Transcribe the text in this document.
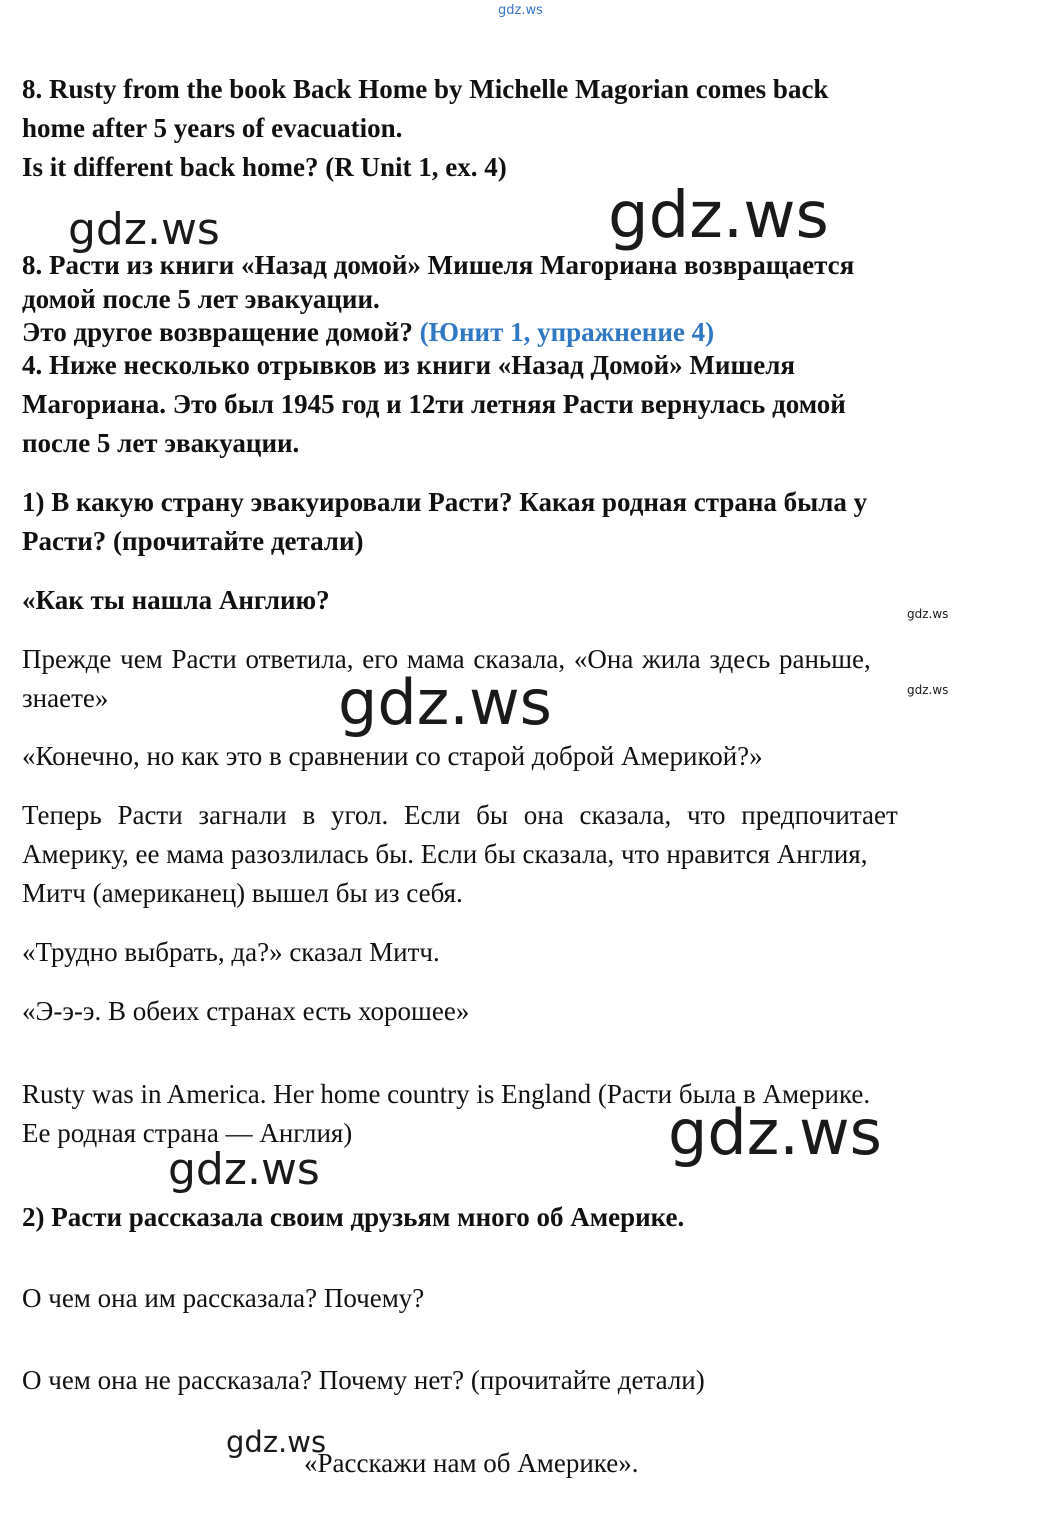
gdz.ws
gdz.ws	gdz.ws
gdz.ws
gdz.ws
gdz.ws
gdz.ws
gdz.ws
gdz.ws
8. Rusty from the book Back Home by Michelle Magorian comes back
home after 5 years of evacuation.
Is it different back home? (R Unit 1, ex. 4)
8. Расти из книги «Назад домой» Мишеля Магориана возвращается
домой после 5 лет эвакуации.
Это другое возвращение домой? (Юнит 1, упражнение 4)
4. Ниже несколько отрывков из книги «Назад Домой» Мишеля
Магориана. Это был 1945 год и 12ти летняя Расти вернулась домой
после 5 лет эвакуации.
1) В какую страну эвакуировали Расти? Какая родная страна была у
Расти? (прочитайте детали)
«Как ты нашла Англию?
Прежде чем Расти ответила, его мама сказала, «Она жила здесь раньше,
знаете»
«Конечно, но как это в сравнении со старой доброй Америкой?»
Теперь Расти загнали в угол. Если бы она сказала, что предпочитает
Америку, ее мама разозлилась бы. Если бы сказала, что нравится Англия,
Митч (американец) вышел бы из себя.
«Трудно выбрать, да?» сказал Митч.
«Э-э-э. В обеих странах есть хорошее»
Rusty was in America. Her home country is England (Расти была в Америке.
Ее родная страна — Англия)
2) Расти рассказала своим друзьям много об Америке.
О чем она им рассказала? Почему?
О чем она не рассказала? Почему нет? (прочитайте детали)
«Расскажи нам об Америке».
